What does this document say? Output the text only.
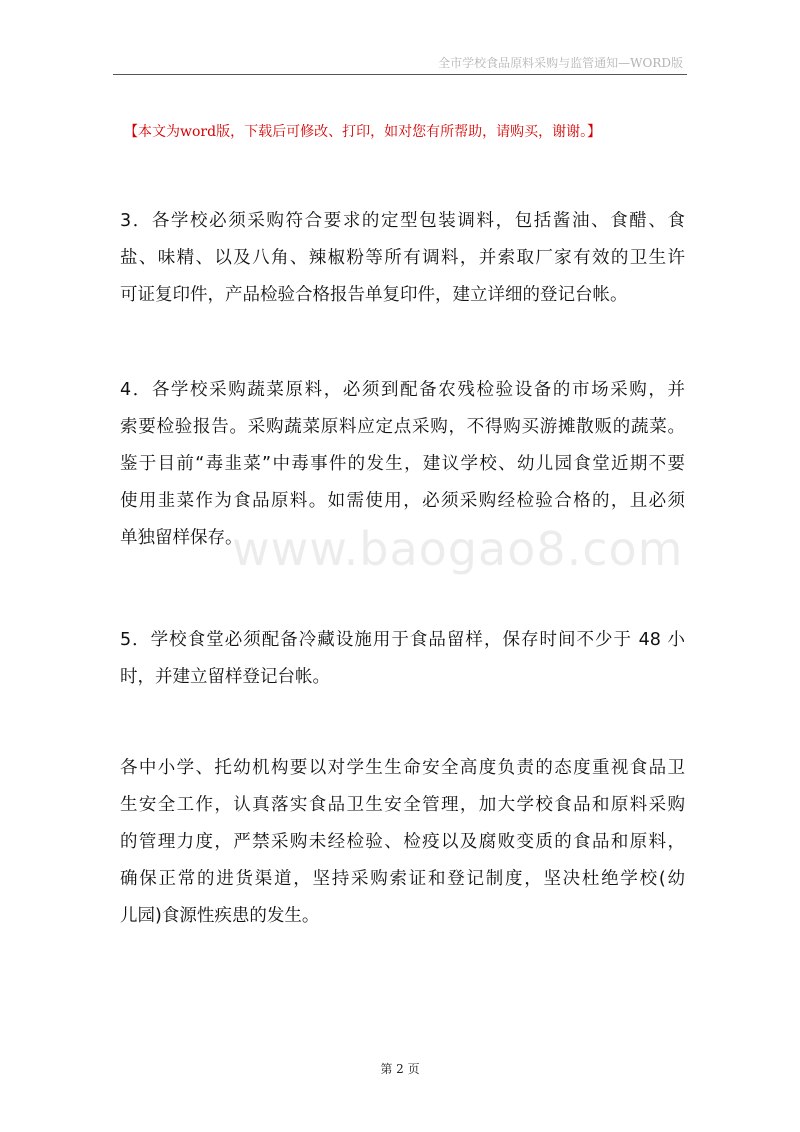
全市学校食品原料采购与监管通知—WORD版
【本文为word版，下载后可修改、打印，如对您有所帮助，请购买，谢谢。】
3．各学校必须采购符合要求的定型包装调料，包括酱油、食醋、食
盐、味精、以及八角、辣椒粉等所有调料，并索取厂家有效的卫生许
可证复印件，产品检验合格报告单复印件，建立详细的登记台帐。
4．各学校采购蔬菜原料，必须到配备农残检验设备的市场采购，并
索要检验报告。采购蔬菜原料应定点采购，不得购买游摊散贩的蔬菜。
鉴于目前“毒韭菜”中毒事件的发生，建议学校、幼儿园食堂近期不要
使用韭菜作为食品原料。如需使用，必须采购经检验合格的，且必须
单独留样保存。
5．学校食堂必须配备冷藏设施用于食品留样，保存时间不少于 48 小
时，并建立留样登记台帐。
各中小学、托幼机构要以对学生生命安全高度负责的态度重视食品卫
生安全工作，认真落实食品卫生安全管理，加大学校食品和原料采购
的管理力度，严禁采购未经检验、检疫以及腐败变质的食品和原料，
确保正常的进货渠道，坚持采购索证和登记制度，坚决杜绝学校(幼
儿园)食源性疾患的发生。
www.baogao8.com
第 2 页
